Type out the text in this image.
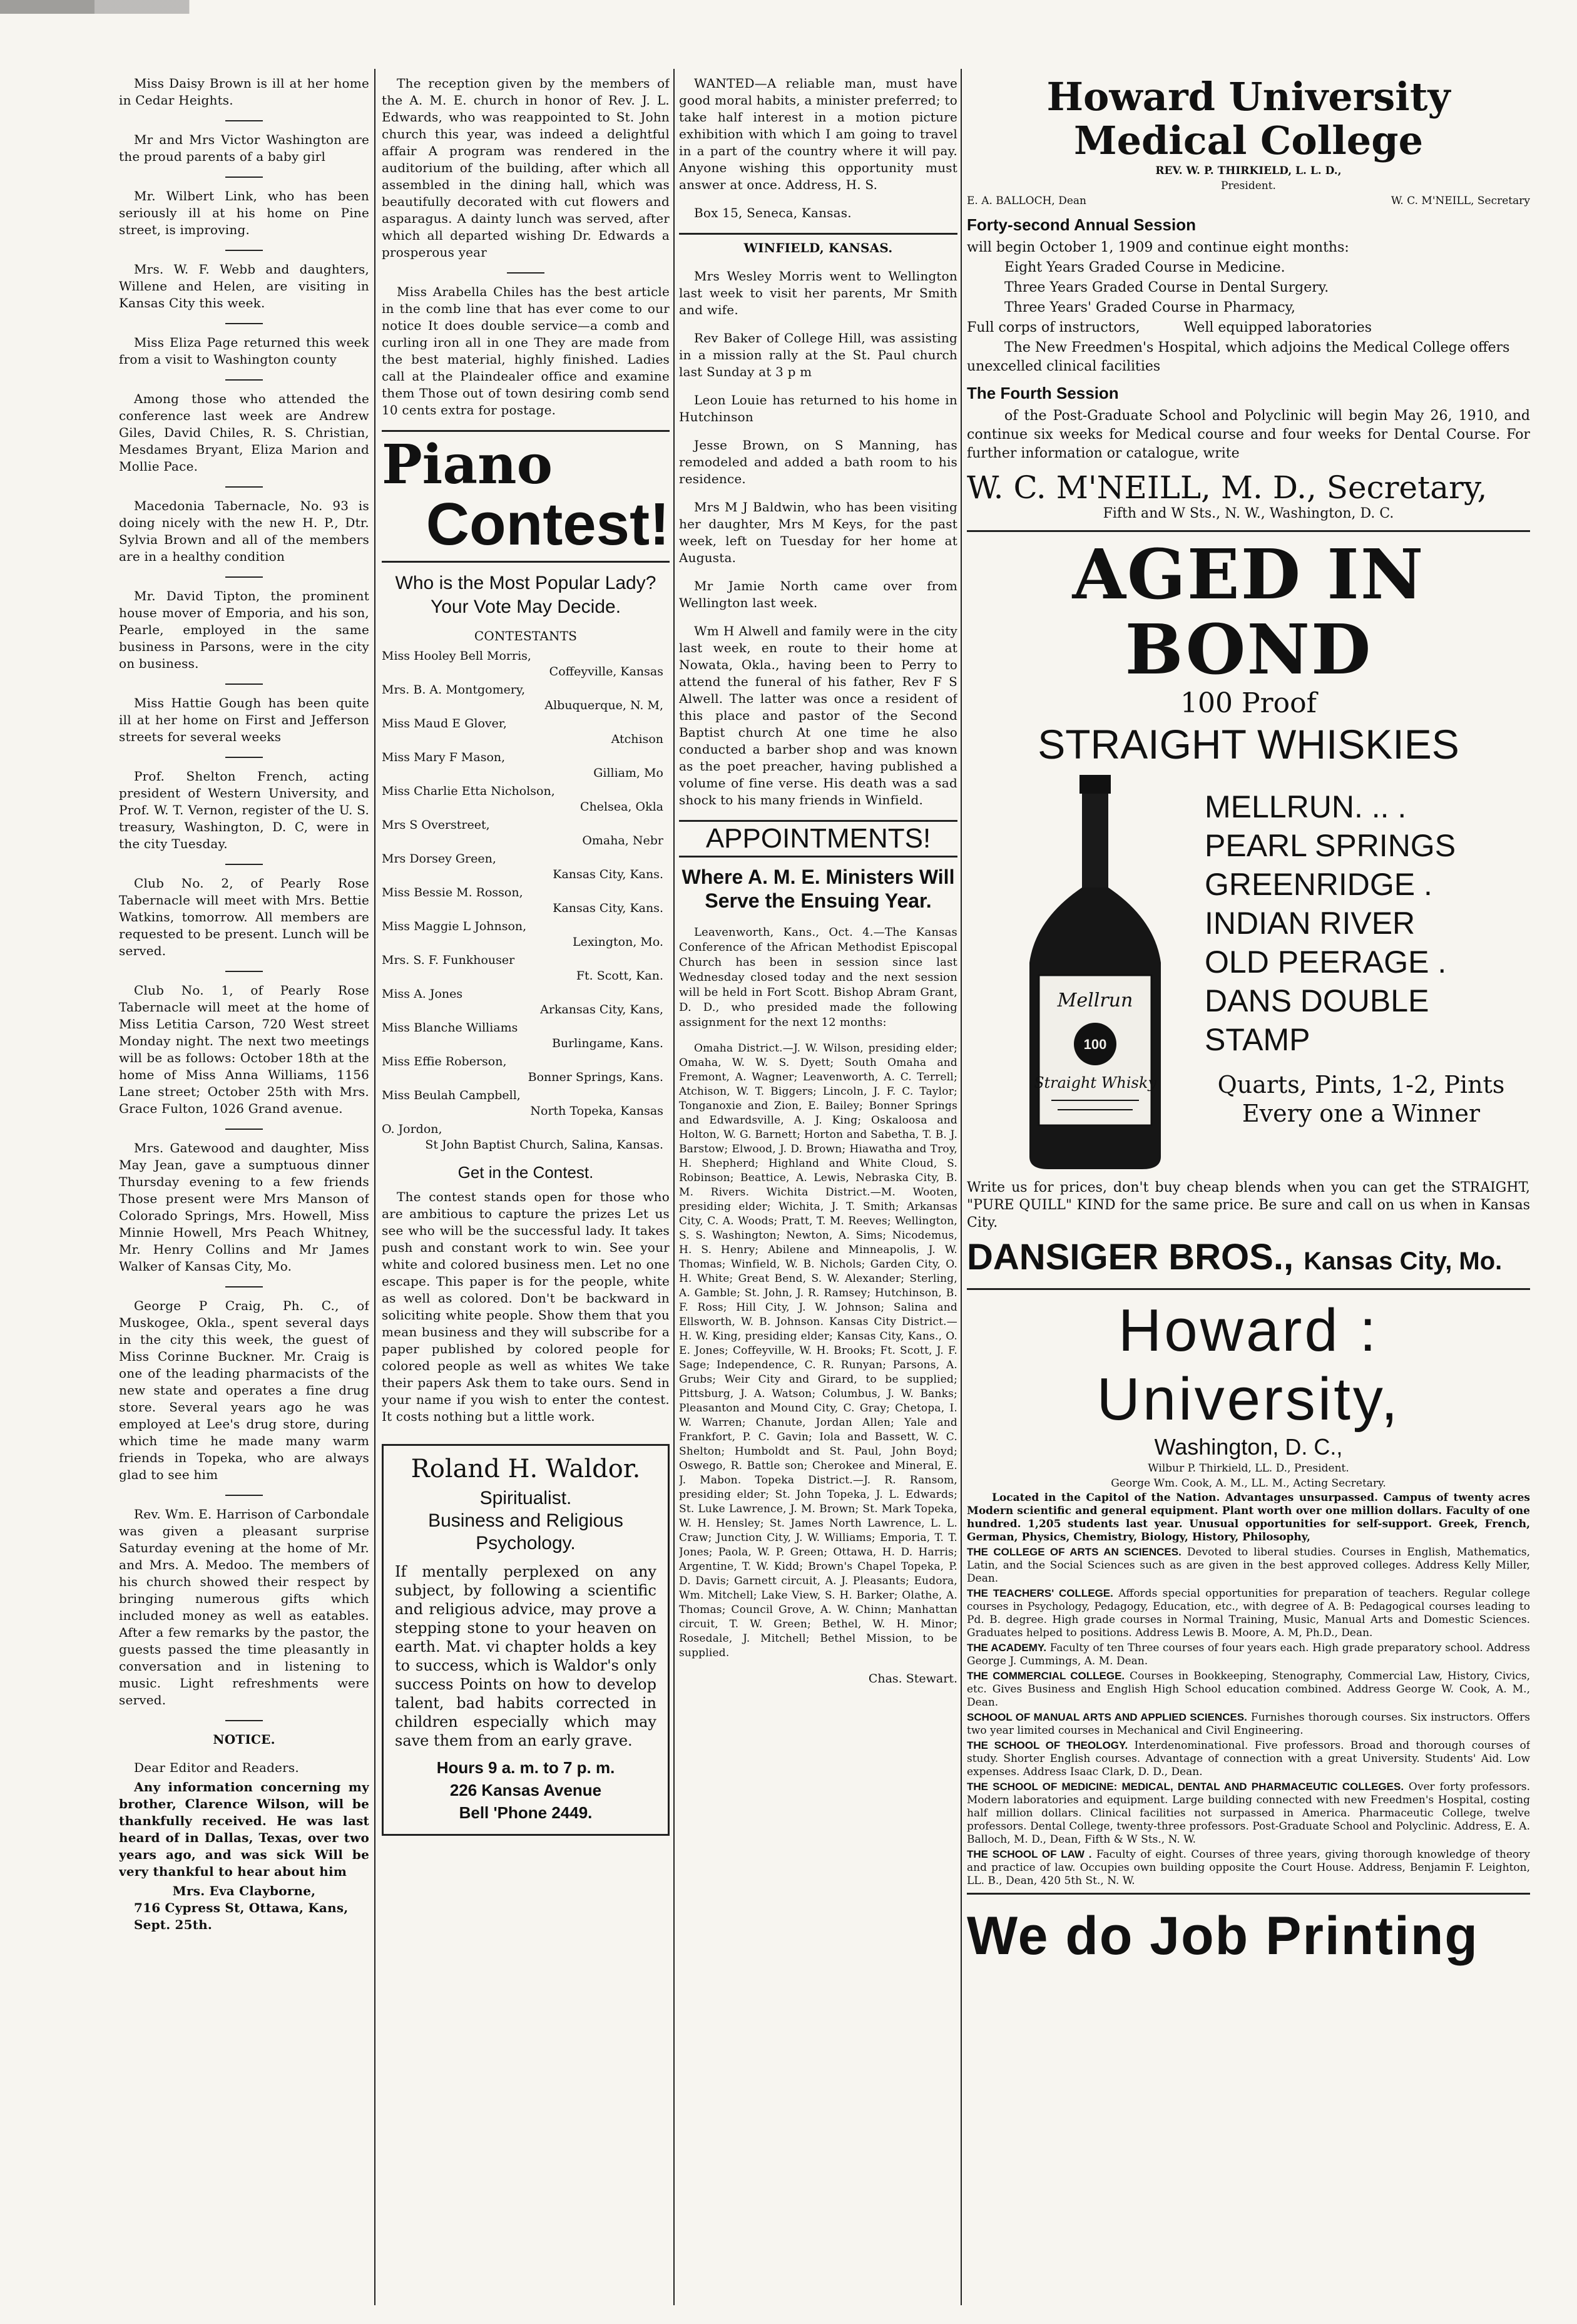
Miss Daisy Brown is ill at her home in Cedar Heights.

Mr and Mrs Victor Washington are the proud parents of a baby girl

Mr. Wilbert Link, who has been seriously ill at his home on Pine street, is improving.

Mrs. W. F. Webb and daughters, Willene and Helen, are visiting in Kansas City this week.

Miss Eliza Page returned this week from a visit to Washington county

Among those who attended the conference last week are Andrew Giles, David Chiles, R. S. Christian, Mesdames Bryant, Eliza Marion and Mollie Pace.

Macedonia Tabernacle, No. 93 is doing nicely with the new H. P., Dtr. Sylvia Brown and all of the members are in a healthy condition

Mr. David Tipton, the prominent house mover of Emporia, and his son, Pearle, employed in the same business in Parsons, were in the city on business.

Miss Hattie Gough has been quite ill at her home on First and Jefferson streets for several weeks

Prof. Shelton French, acting president of Western University, and Prof. W. T. Vernon, register of the U. S. treasury, Washington, D. C, were in the city Tuesday.

Club No. 2, of Pearly Rose Tabernacle will meet with Mrs. Bettie Watkins, tomorrow. All members are requested to be present. Lunch will be served.

Club No. 1, of Pearly Rose Tabernacle will meet at the home of Miss Letitia Carson, 720 West street Monday night. The next two meetings will be as follows: October 18th at the home of Miss Anna Williams, 1156 Lane street; October 25th with Mrs. Grace Fulton, 1026 Grand avenue.

Mrs. Gatewood and daughter, Miss May Jean, gave a sumptuous dinner Thursday evening to a few friends Those present were Mrs Manson of Colorado Springs, Mrs. Howell, Miss Minnie Howell, Mrs Peach Whitney, Mr. Henry Collins and Mr James Walker of Kansas City, Mo.

George P Craig, Ph. C., of Muskogee, Okla., spent several days in the city this week, the guest of Miss Corinne Buckner. Mr. Craig is one of the leading pharmacists of the new state and operates a fine drug store. Several years ago he was employed at Lee's drug store, during which time he made many warm friends in Topeka, who are always glad to see him

Rev. Wm. E. Harrison of Carbondale was given a pleasant surprise Saturday evening at the home of Mr. and Mrs. A. Medoo. The members of his church showed their respect by bringing numerous gifts which included money as well as eatables. After a few remarks by the pastor, the guests passed the time pleasantly in conversation and in listening to music. Light refreshments were served.

NOTICE.

Dear Editor and Readers.

Any information concerning my brother, Clarence Wilson, will be thankfully received. He was last heard of in Dallas, Texas, over two years ago, and was sick Will be very thankful to hear about him

Mrs. Eva Clayborne,

716 Cypress St, Ottawa, Kans,

Sept. 25th.

The reception given by the members of the A. M. E. church in honor of Rev. J. L. Edwards, who was reappointed to St. John church this year, was indeed a delightful affair A program was rendered in the auditorium of the building, after which all assembled in the dining hall, which was beautifully decorated with cut flowers and asparagus. A dainty lunch was served, after which all departed wishing Dr. Edwards a prosperous year

Miss Arabella Chiles has the best article in the comb line that has ever come to our notice It does double service—a comb and curling iron all in one They are made from the best material, highly finished. Ladies call at the Plaindealer office and examine them Those out of town desiring comb send 10 cents extra for postage.

Piano
Contest!
Who is the Most Popular Lady? Your Vote May Decide.

CONTESTANTS

Miss Hooley Bell Morris,
Coffeyville, Kansas
Mrs. B. A. Montgomery,
Albuquerque, N. M,
Miss Maud E Glover,
Atchison
Miss Mary F Mason,
Gilliam, Mo
Miss Charlie Etta Nicholson,
Chelsea, Okla
Mrs S Overstreet,
Omaha, Nebr
Mrs Dorsey Green,
Kansas City, Kans.
Miss Bessie M. Rosson,
Kansas City, Kans.
Miss Maggie L Johnson,
Lexington, Mo.
Mrs. S. F. Funkhouser
Ft. Scott, Kan.
Miss A. Jones
Arkansas City, Kans,
Miss Blanche Williams
Burlingame, Kans.
Miss Effie Roberson,
Bonner Springs, Kans.
Miss Beulah Campbell,
North Topeka, Kansas
O. Jordon,
St John Baptist Church, Salina, Kansas.
Get in the Contest.

The contest stands open for those who are ambitious to capture the prizes Let us see who will be the successful lady. It takes push and constant work to win. See your white and colored business men. Let no one escape. This paper is for the people, white as well as colored. Don't be backward in soliciting white people. Show them that you mean business and they will subscribe for a paper published by colored people for colored people as well as whites We take their papers Ask them to take ours. Send in your name if you wish to enter the contest. It costs nothing but a little work.

Roland H. Waldor.

Spiritualist.

Business and Religious Psychology.

If mentally perplexed on any subject, by following a scientific and religious advice, may prove a stepping stone to your heaven on earth. Mat. vi chapter holds a key to success, which is Waldor's only success Points on how to develop talent, bad habits corrected in children especially which may save them from an early grave.

Hours 9 a. m. to 7 p. m.

226 Kansas Avenue

Bell 'Phone 2449.

WANTED—A reliable man, must have good moral habits, a minister preferred; to take half interest in a motion picture exhibition with which I am going to travel in a part of the country where it will pay. Anyone wishing this opportunity must answer at once. Address, H. S.

Box 15, Seneca, Kansas.

WINFIELD, KANSAS.

Mrs Wesley Morris went to Wellington last week to visit her parents, Mr Smith and wife.

Rev Baker of College Hill, was assisting in a mission rally at the St. Paul church last Sunday at 3 p m

Leon Louie has returned to his home in Hutchinson

Jesse Brown, on S Manning, has remodeled and added a bath room to his residence.

Mrs M J Baldwin, who has been visiting her daughter, Mrs M Keys, for the past week, left on Tuesday for her home at Augusta.

Mr Jamie North came over from Wellington last week.

Wm H Alwell and family were in the city last week, en route to their home at Nowata, Okla., having been to Perry to attend the funeral of his father, Rev F S Alwell. The latter was once a resident of this place and pastor of the Second Baptist church At one time he also conducted a barber shop and was known as the poet preacher, having published a volume of fine verse. His death was a sad shock to his many friends in Winfield.

APPOINTMENTS!
Where A. M. E. Ministers Will Serve the Ensuing Year.

Leavenworth, Kans., Oct. 4.—The Kansas Conference of the African Methodist Episcopal Church has been in session since last Wednesday closed today and the next session will be held in Fort Scott. Bishop Abram Grant, D. D., who presided made the following assignment for the next 12 months:

Omaha District.—J. W. Wilson, presiding elder; Omaha, W. W. S. Dyett; South Omaha and Fremont, A. Wagner; Leavenworth, A. C. Terrell; Atchison, W. T. Biggers; Lincoln, J. F. C. Taylor; Tonganoxie and Zion, E. Bailey; Bonner Springs and Edwardsville, A. J. King; Oskaloosa and Holton, W. G. Barnett; Horton and Sabetha, T. B. J. Barstow; Elwood, J. D. Brown; Hiawatha and Troy, H. Shepherd; Highland and White Cloud, S. Robinson; Beattice, A. Lewis, Nebraska City, B. M. Rivers. Wichita District.—M. Wooten, presiding elder; Wichita, J. T. Smith; Arkansas City, C. A. Woods; Pratt, T. M. Reeves; Wellington, S. S. Washington; Newton, A. Sims; Nicodemus, H. S. Henry; Abilene and Minneapolis, J. W. Thomas; Winfield, W. B. Nichols; Garden City, O. H. White; Great Bend, S. W. Alexander; Sterling, A. Gamble; St. John, J. R. Ramsey; Hutchinson, B. F. Ross; Hill City, J. W. Johnson; Salina and Ellsworth, W. B. Johnson. Kansas City District.—H. W. King, presiding elder; Kansas City, Kans., O. E. Jones; Coffeyville, W. H. Brooks; Ft. Scott, J. F. Sage; Independence, C. R. Runyan; Parsons, A. Grubs; Weir City and Girard, to be supplied; Pittsburg, J. A. Watson; Columbus, J. W. Banks; Pleasanton and Mound City, C. Gray; Chetopa, I. W. Warren; Chanute, Jordan Allen; Yale and Frankfort, P. C. Gavin; Iola and Bassett, W. C. Shelton; Humboldt and St. Paul, John Boyd; Oswego, R. Battle son; Cherokee and Mineral, E. J. Mabon. Topeka District.—J. R. Ransom, presiding elder; St. John Topeka, J. L. Edwards; St. Luke Lawrence, J. M. Brown; St. Mark Topeka, W. H. Hensley; St. James North Lawrence, L. L. Craw; Junction City, J. W. Williams; Emporia, T. T. Jones; Paola, W. P. Green; Ottawa, H. D. Harris; Argentine, T. W. Kidd; Brown's Chapel Topeka, P. D. Davis; Garnett circuit, A. J. Pleasants; Eudora, Wm. Mitchell; Lake View, S. H. Barker; Olathe, A. Thomas; Council Grove, A. W. Chinn; Manhattan circuit, T. W. Green; Bethel, W. H. Minor; Rosedale, J. Mitchell; Bethel Mission, to be supplied.

Chas. Stewart.

Howard University Medical College

REV. W. P. THIRKIELD, L. L. D.,

President.

E. A. BALLOCH, Dean	W. C. M'NEILL, Secretary
Forty-second Annual Session

will begin October 1, 1909 and continue eight months:

Eight Years Graded Course in Medicine.

Three Years Graded Course in Dental Surgery.

Three Years' Graded Course in Pharmacy,

Full corps of instructors,          Well equipped laboratories

The New Freedmen's Hospital, which adjoins the Medical College offers unexcelled clinical facilities

The Fourth Session

of the Post-Graduate School and Polyclinic will begin May 26, 1910, and continue six weeks for Medical course and four weeks for Dental Course. For further information or catalogue, write

W. C. M'NEILL, M. D., Secretary,

Fifth and W Sts., N. W., Washington, D. C.

AGED IN BOND

100 Proof

STRAIGHT WHISKIES

Mellrun
100
Straight Whisky

MELLRUN. .. .

PEARL SPRINGS

GREENRIDGE .

INDIAN RIVER

OLD PEERAGE .

DANS DOUBLE

STAMP

Quarts, Pints, 1-2, Pints

Every one a Winner

Write us for prices, don't buy cheap blends when you can get the STRAIGHT, "PURE QUILL" KIND for the same price. Be sure and call on us when in Kansas City.

DANSIGER BROS., Kansas City, Mo.

Howard : University,

Washington, D. C.,

Wilbur P. Thirkield, LL. D., President.

George Wm. Cook, A. M., LL. M., Acting Secretary.

Located in the Capitol of the Nation. Advantages unsurpassed. Campus of twenty acres Modern scientific and general equipment. Plant worth over one million dollars. Faculty of one hundred. 1,205 students last year. Unusual opportunities for self-support. Greek, French, German, Physics, Chemistry, Biology, History, Philosophy,

THE COLLEGE OF ARTS AN SCIENCES. Devoted to liberal studies. Courses in English, Mathematics, Latin, and the Social Sciences such as are given in the best approved colleges. Address Kelly Miller, Dean.

THE TEACHERS' COLLEGE. Affords special opportunities for preparation of teachers. Regular college courses in Psychology, Pedagogy, Education, etc., with degree of A. B: Pedagogical courses leading to Pd. B. degree. High grade courses in Normal Training, Music, Manual Arts and Domestic Sciences. Graduates helped to positions. Address Lewis B. Moore, A. M, Ph.D., Dean.

THE ACADEMY. Faculty of ten Three courses of four years each. High grade preparatory school. Address George J. Cummings, A. M. Dean.

THE COMMERCIAL COLLEGE. Courses in Bookkeeping, Stenography, Commercial Law, History, Civics, etc. Gives Business and English High School education combined. Address George W. Cook, A. M., Dean.

SCHOOL OF MANUAL ARTS AND APPLIED SCIENCES. Furnishes thorough courses. Six instructors. Offers two year limited courses in Mechanical and Civil Engineering.

THE SCHOOL OF THEOLOGY. Interdenominational. Five professors. Broad and thorough courses of study. Shorter English courses. Advantage of connection with a great University. Students' Aid. Low expenses. Address Isaac Clark, D. D., Dean.

THE SCHOOL OF MEDICINE: MEDICAL, DENTAL AND PHARMACEUTIC COLLEGES. Over forty professors. Modern laboratories and equipment. Large building connected with new Freedmen's Hospital, costing half million dollars. Clinical facilities not surpassed in America. Pharmaceutic College, twelve professors. Dental College, twenty-three professors. Post-Graduate School and Polyclinic. Address, E. A. Balloch, M. D., Dean, Fifth & W Sts., N. W.

THE SCHOOL OF LAW . Faculty of eight. Courses of three years, giving thorough knowledge of theory and practice of law. Occupies own building opposite the Court House. Address, Benjamin F. Leighton, LL. B., Dean, 420 5th St., N. W.

We do Job Printing
